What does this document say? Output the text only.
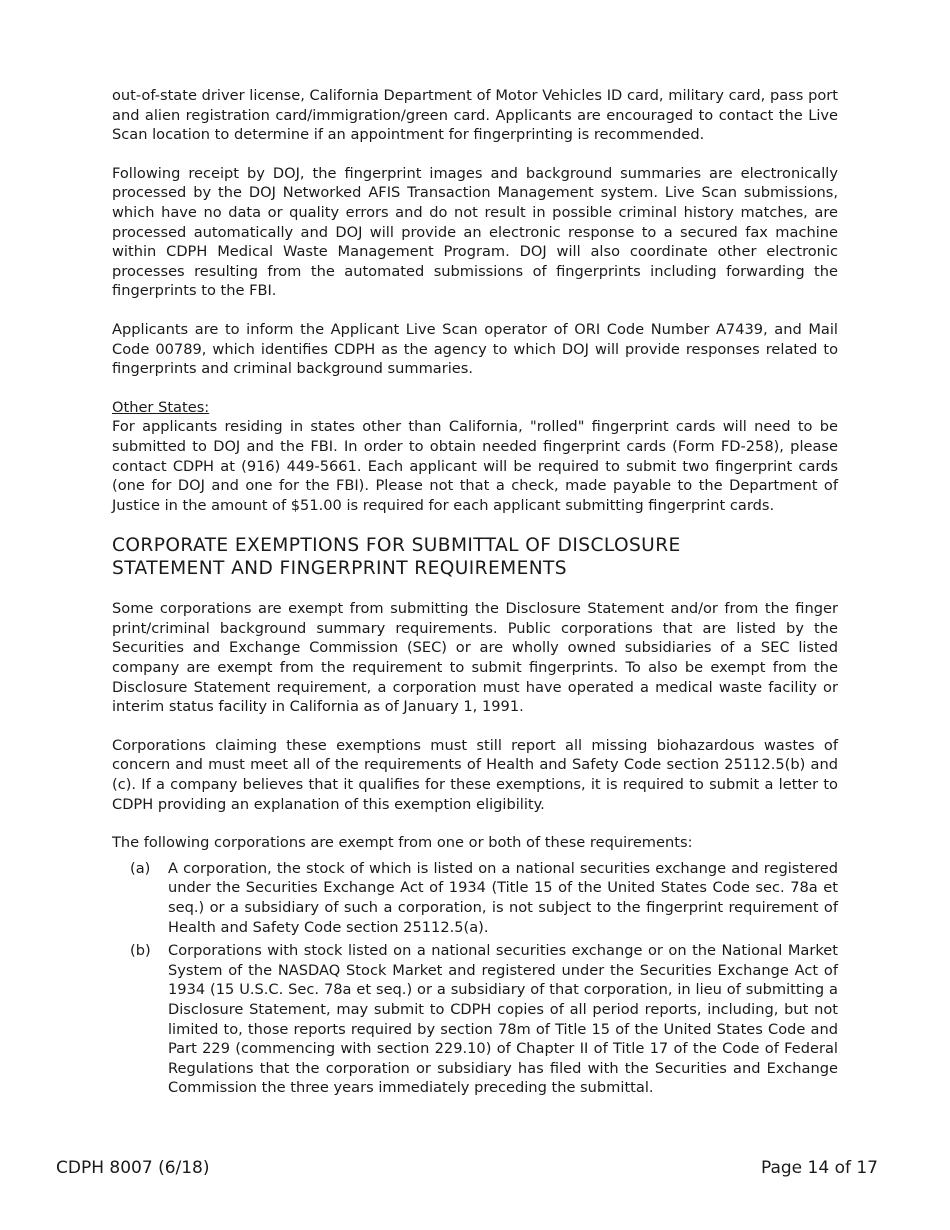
out-of-state driver license, California Department of Motor Vehicles ID card, military card, pass port and alien registration card/immigration/green card. Applicants are encouraged to contact the Live Scan location to determine if an appointment for fingerprinting is recommended.

Following receipt by DOJ, the fingerprint images and background summaries are electronically processed by the DOJ Networked AFIS Transaction Management system. Live Scan submissions, which have no data or quality errors and do not result in possible criminal history matches, are processed automatically and DOJ will provide an electronic response to a secured fax machine within CDPH Medical Waste Management Program. DOJ will also coordinate other electronic processes resulting from the automated submissions of fingerprints including forwarding the fingerprints to the FBI.

Applicants are to inform the Applicant Live Scan operator of ORI Code Number A7439, and Mail Code 00789, which identifies CDPH as the agency to which DOJ will provide responses related to fingerprints and criminal background summaries.

Other States:

For applicants residing in states other than California, "rolled" fingerprint cards will need to be submitted to DOJ and the FBI. In order to obtain needed fingerprint cards (Form FD-258), please contact CDPH at (916) 449-5661. Each applicant will be required to submit two fingerprint cards (one for DOJ and one for the FBI). Please not that a check, made payable to the Department of Justice in the amount of $51.00 is required for each applicant submitting fingerprint cards.

CORPORATE EXEMPTIONS FOR SUBMITTAL OF DISCLOSURE
STATEMENT AND FINGERPRINT REQUIREMENTS

Some corporations are exempt from submitting the Disclosure Statement and/or from the finger print/criminal background summary requirements. Public corporations that are listed by the Securities and Exchange Commission (SEC) or are wholly owned subsidiaries of a SEC listed company are exempt from the requirement to submit fingerprints. To also be exempt from the Disclosure Statement requirement, a corporation must have operated a medical waste facility or interim status facility in California as of January 1, 1991.

Corporations claiming these exemptions must still report all missing biohazardous wastes of concern and must meet all of the requirements of Health and Safety Code section 25112.5(b) and (c). If a company believes that it qualifies for these exemptions, it is required to submit a letter to CDPH providing an explanation of this exemption eligibility.

The following corporations are exempt from one or both of these requirements:

(a)	A corporation, the stock of which is listed on a national securities exchange and registered under the Securities Exchange Act of 1934 (Title 15 of the United States Code sec. 78a et seq.) or a subsidiary of such a corporation, is not subject to the fingerprint requirement of Health and Safety Code section 25112.5(a).
(b)	Corporations with stock listed on a national securities exchange or on the National Market System of the NASDAQ Stock Market and registered under the Securities Exchange Act of 1934 (15 U.S.C. Sec. 78a et seq.) or a subsidiary of that corporation, in lieu of submitting a Disclosure Statement, may submit to CDPH copies of all period reports, including, but not limited to, those reports required by section 78m of Title 15 of the United States Code and Part 229 (commencing with section 229.10) of Chapter II of Title 17 of the Code of Federal Regulations that the corporation or subsidiary has filed with the Securities and Exchange Commission the three years immediately preceding the submittal.
CDPH 8007 (6/18)	Page 14 of 17
